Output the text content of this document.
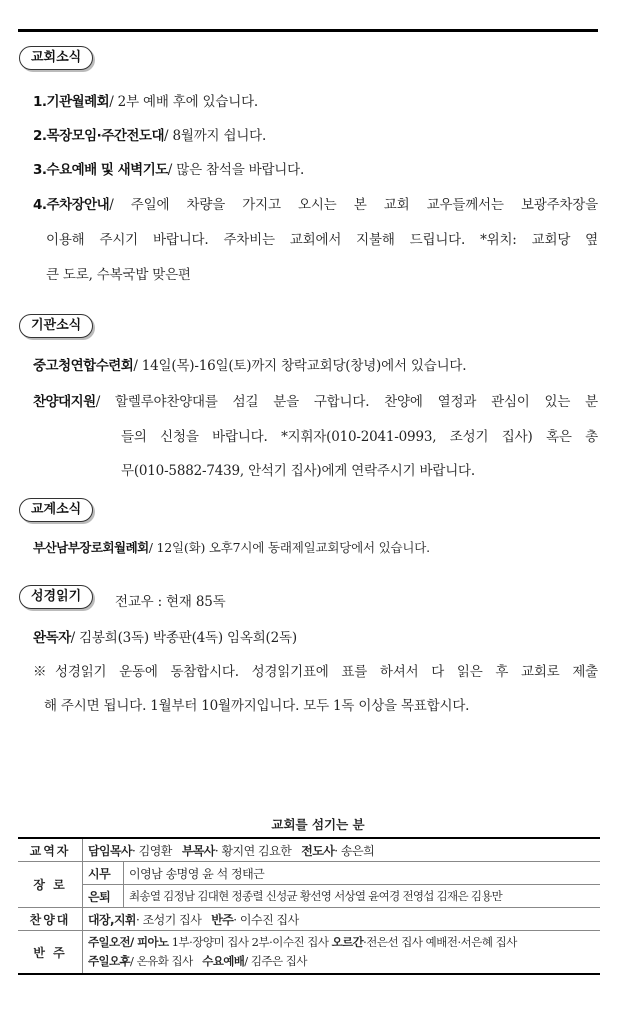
교회소식
1.기관월례회/ 2부 예배 후에 있습니다.
2.목장모임·주간전도대/ 8월까지 쉽니다.
3.수요예배 및 새벽기도/ 많은 참석을 바랍니다.
4.주차장안내/ 주일에 차량을 가지고 오시는 본 교회 교우들께서는 보광주차장을
이용해 주시기 바랍니다. 주차비는 교회에서 지불해 드립니다. *위치: 교회당 옆
큰 도로, 수복국밥 맞은편
기관소식
중고청연합수련회/ 14일(목)-16일(토)까지 창락교회당(창녕)에서 있습니다.
찬양대지원/ 할렐루야찬양대를 섬길 분을 구합니다. 찬양에 열정과 관심이 있는 분
들의 신청을 바랍니다. *지휘자(010-2041-0993, 조성기 집사) 혹은 총
무(010-5882-7439, 안석기 집사)에게 연락주시기 바랍니다.
교계소식
부산남부장로회월례회/ 12일(화) 오후7시에 동래제일교회당에서 있습니다.
성경읽기	전교우 : 현재 85독
완독자/ 김봉희(3독) 박종판(4독) 임옥희(2독)
※성경읽기 운동에 동참합시다. 성경읽기표에 표를 하셔서 다 읽은 후 교회로 제출
해 주시면 됩니다. 1월부터 10월까지입니다. 모두 1독 이상을 목표합시다.
교회를 섬기는 분
교역자	담임목사· 김영환 부목사· 황지연 김요한 전도사· 송은희	
장 로	시무	이영남 송명영 윤 석 정태근
	은퇴	최송열 김정남 김대현 정종렬 신성균 황선영 서상열 윤여경 전영섭 김재은 김용만
찬양대	대장,지휘· 조성기 집사 반주· 이수진 집사	
반 주	주일오전/ 피아노 1부·장양미 집사 2부·이수진 집사 오르간·전은선 집사 예배전·서은혜 집사
주일오후/ 온유화 집사   수요예배/ 김주은 집사	
